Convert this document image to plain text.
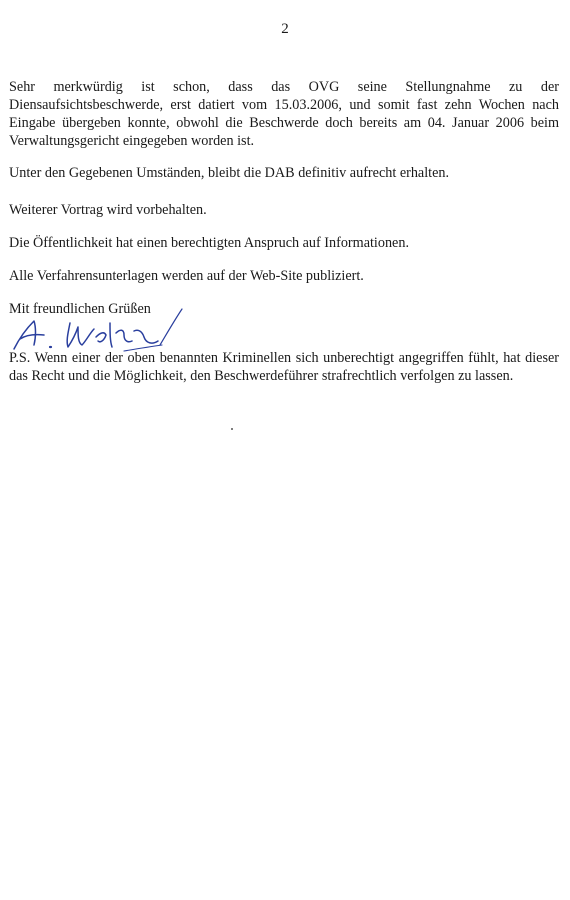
2

Sehr merkwürdig ist schon, dass das OVG seine Stellungnahme zu der Diensaufsichtsbeschwerde, erst datiert vom 15.03.2006, und somit fast zehn Wochen nach Eingabe übergeben konnte, obwohl die Beschwerde doch bereits am 04. Januar 2006 beim Verwaltungsgericht eingegeben worden ist.

Unter den Gegebenen Umständen, bleibt die DAB definitiv aufrecht erhalten.

Weiterer Vortrag wird vorbehalten.

Die Öffentlichkeit hat einen berechtigten Anspruch auf Informationen.

Alle Verfahrensunterlagen werden auf der Web-Site publiziert.

Mit freundlichen Grüßen

P.S. Wenn einer der oben benannten Kriminellen sich unberechtigt angegriffen fühlt, hat dieser das Recht und die Möglichkeit, den Beschwerdeführer strafrechtlich verfolgen zu lassen.
